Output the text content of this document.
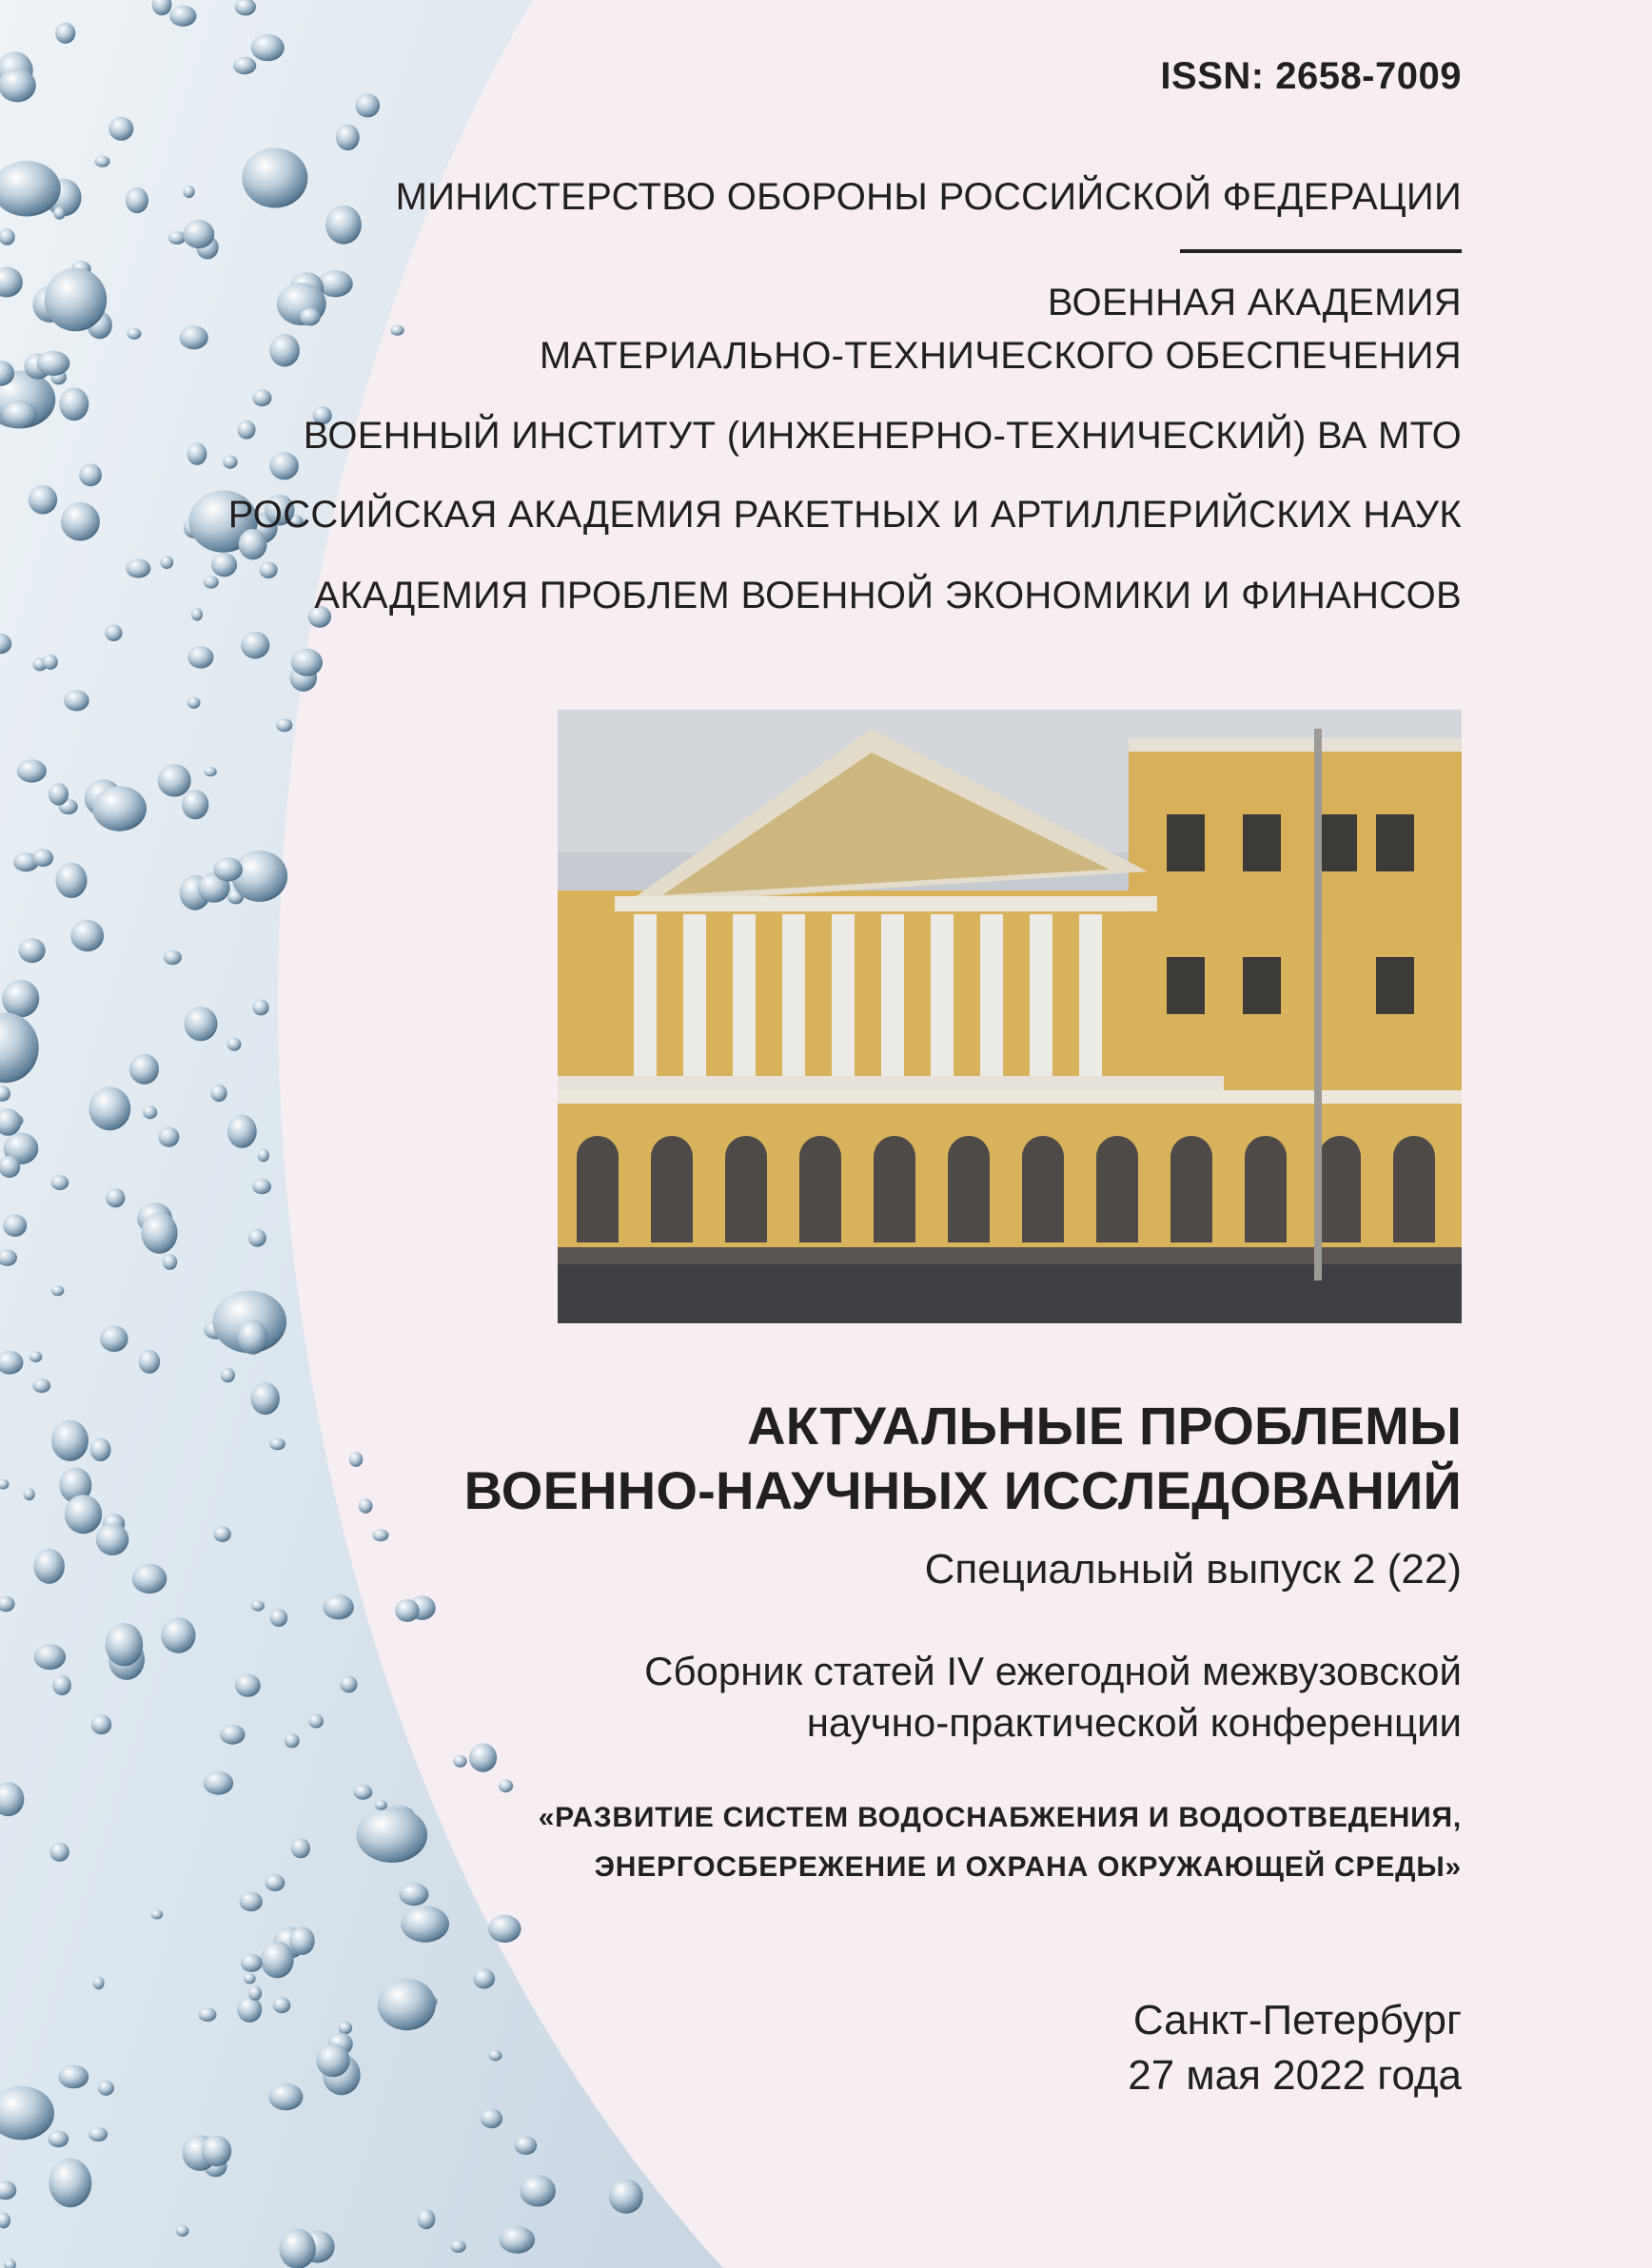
ISSN: 2658-7009
МИНИСТЕРСТВО ОБОРОНЫ РОССИЙСКОЙ ФЕДЕРАЦИИ
ВОЕННАЯ АКАДЕМИЯ
МАТЕРИАЛЬНО-ТЕХНИЧЕСКОГО ОБЕСПЕЧЕНИЯ
ВОЕННЫЙ ИНСТИТУТ (ИНЖЕНЕРНО-ТЕХНИЧЕСКИЙ) ВА МТО
РОССИЙСКАЯ АКАДЕМИЯ РАКЕТНЫХ И АРТИЛЛЕРИЙСКИХ НАУК
АКАДЕМИЯ ПРОБЛЕМ ВОЕННОЙ ЭКОНОМИКИ И ФИНАНСОВ
АКТУАЛЬНЫЕ ПРОБЛЕМЫ
ВОЕННО-НАУЧНЫХ ИССЛЕДОВАНИЙ
Специальный выпуск 2 (22)
Сборник статей IV ежегодной межвузовской
научно-практической конференции
«РАЗВИТИЕ СИСТЕМ ВОДОСНАБЖЕНИЯ И ВОДООТВЕДЕНИЯ,
ЭНЕРГОСБЕРЕЖЕНИЕ И ОХРАНА ОКРУЖАЮЩЕЙ СРЕДЫ»
Санкт-Петербург
27 мая 2022 года
